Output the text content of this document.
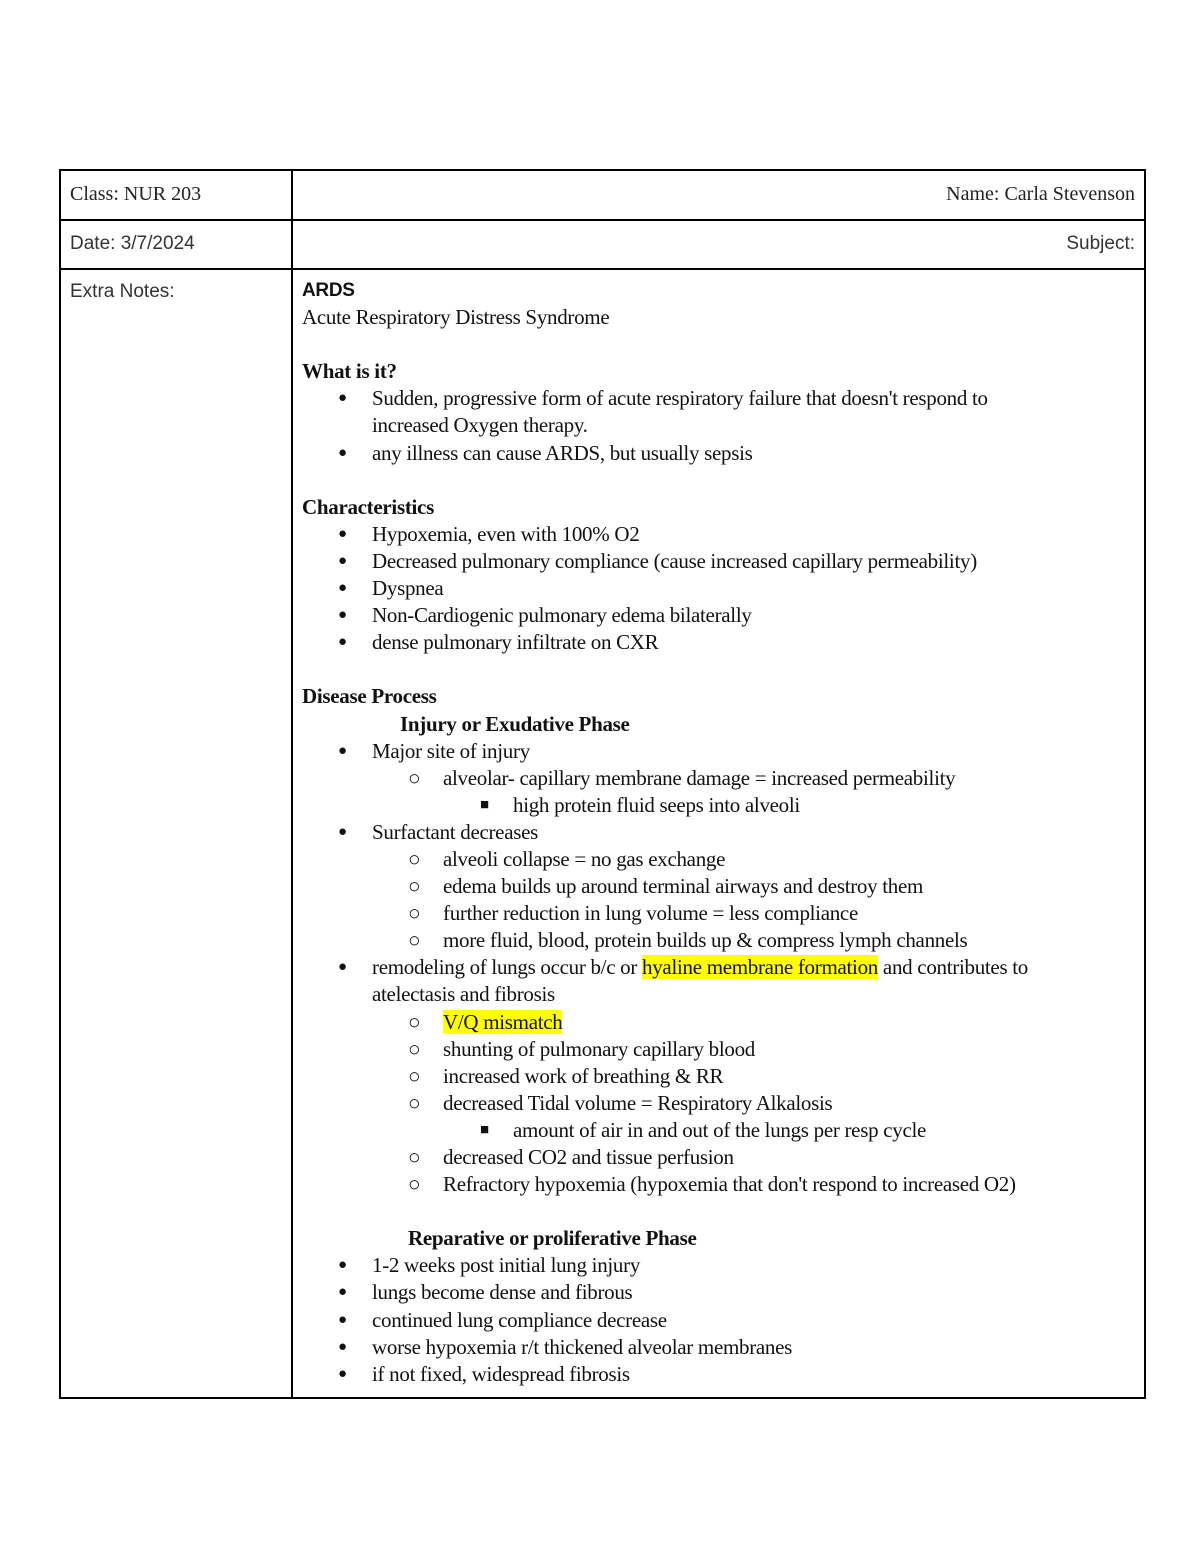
Class: NUR 203	Name: Carla Stevenson
Date: 3/7/2024	Subject:
Extra Notes:	ARDS
Acute Respiratory Distress Syndrome
What is it?
● Sudden, progressive form of acute respiratory failure that doesn't respond to
increased Oxygen therapy.
● any illness can cause ARDS, but usually sepsis
Characteristics
● Hypoxemia, even with 100% O2
● Decreased pulmonary compliance (cause increased capillary permeability)
● Dyspnea
● Non-Cardiogenic pulmonary edema bilaterally
● dense pulmonary infiltrate on CXR
Disease Process
Injury or Exudative Phase
● Major site of injury
○ alveolar- capillary membrane damage = increased permeability
■ high protein fluid seeps into alveoli
● Surfactant decreases
○ alveoli collapse = no gas exchange
○ edema builds up around terminal airways and destroy them
○ further reduction in lung volume = less compliance
○ more fluid, blood, protein builds up & compress lymph channels
● remodeling of lungs occur b/c or hyaline membrane formation and contributes to
atelectasis and fibrosis
○ V/Q mismatch
○ shunting of pulmonary capillary blood
○ increased work of breathing & RR
○ decreased Tidal volume = Respiratory Alkalosis
■ amount of air in and out of the lungs per resp cycle
○ decreased CO2 and tissue perfusion
○ Refractory hypoxemia (hypoxemia that don't respond to increased O2)
Reparative or proliferative Phase
● 1-2 weeks post initial lung injury
● lungs become dense and fibrous
● continued lung compliance decrease
● worse hypoxemia r/t thickened alveolar membranes
● if not fixed, widespread fibrosis
